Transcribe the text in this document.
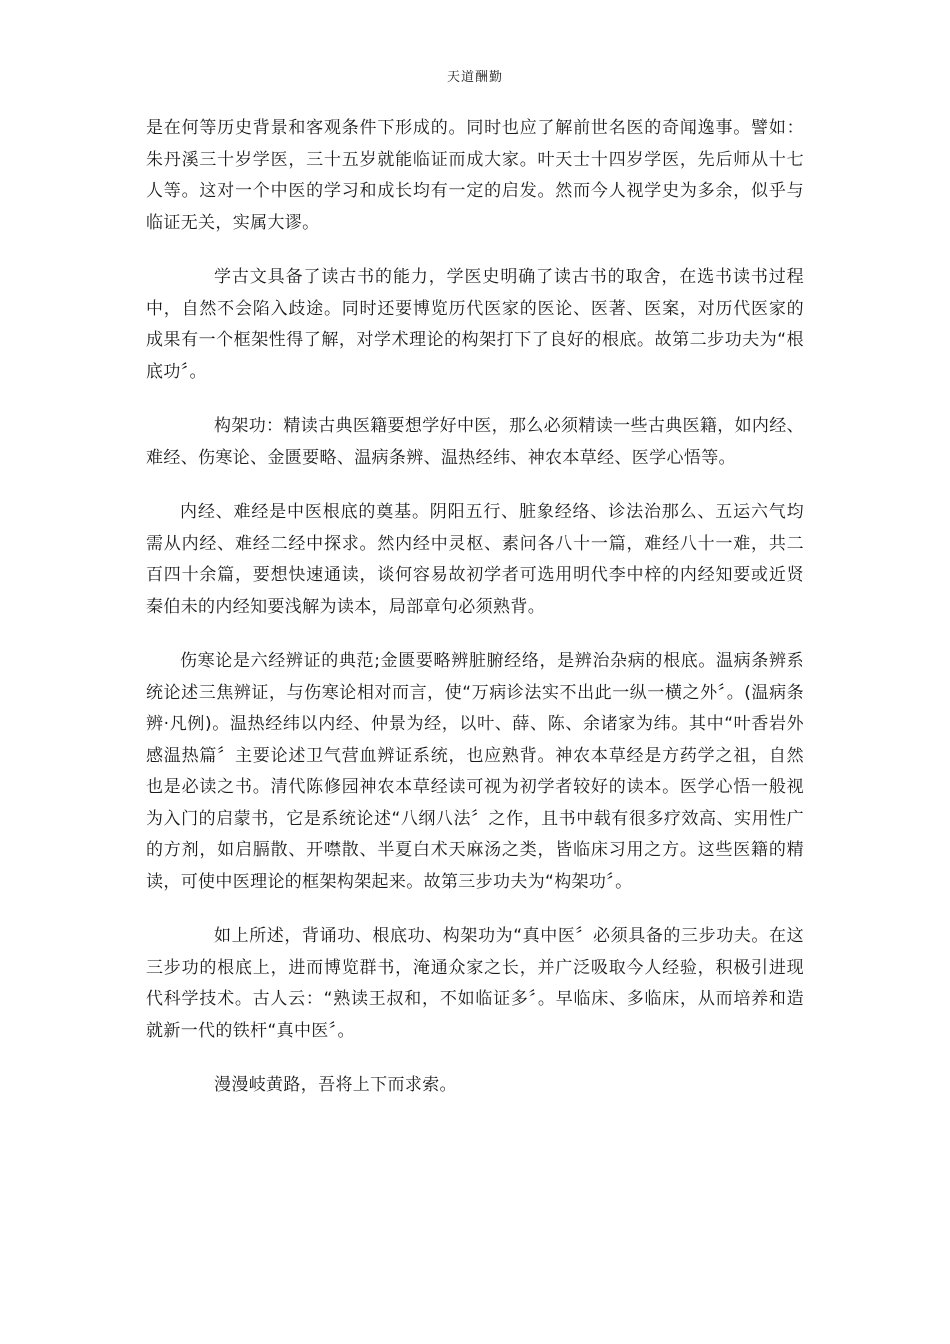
天道酬勤

是在何等历史背景和客观条件下形成的。同时也应了解前世名医的奇闻逸事。譬如：朱丹溪三十岁学医，三十五岁就能临证而成大家。叶天士十四岁学医，先后师从十七人等。这对一个中医的学习和成长均有一定的启发。然而今人视学史为多余，似乎与临证无关，实属大谬。

学古文具备了读古书的能力，学医史明确了读古书的取舍，在选书读书过程中，自然不会陷入歧途。同时还要博览历代医家的医论、医著、医案，对历代医家的成果有一个框架性得了解，对学术理论的构架打下了良好的根底。故第二步功夫为“根底功〞。

构架功：精读古典医籍要想学好中医，那么必须精读一些古典医籍，如内经、难经、伤寒论、金匮要略、温病条辨、温热经纬、神农本草经、医学心悟等。

内经、难经是中医根底的奠基。阴阳五行、脏象经络、诊法治那么、五运六气均需从内经、难经二经中探求。然内经中灵枢、素问各八十一篇，难经八十一难，共二百四十余篇，要想快速通读，谈何容易故初学者可选用明代李中梓的内经知要或近贤秦伯未的内经知要浅解为读本，局部章句必须熟背。

伤寒论是六经辨证的典范;金匮要略辨脏腑经络，是辨治杂病的根底。温病条辨系统论述三焦辨证，与伤寒论相对而言，使“万病诊法实不出此一纵一横之外〞。(温病条辨·凡例)。温热经纬以内经、仲景为经，以叶、薛、陈、余诸家为纬。其中“叶香岩外感温热篇〞主要论述卫气营血辨证系统，也应熟背。神农本草经是方药学之祖，自然也是必读之书。清代陈修园神农本草经读可视为初学者较好的读本。医学心悟一般视为入门的启蒙书，它是系统论述“八纲八法〞之作，且书中载有很多疗效高、实用性广的方剂，如启膈散、开噤散、半夏白术天麻汤之类，皆临床习用之方。这些医籍的精读，可使中医理论的框架构架起来。故第三步功夫为“构架功〞。

如上所述，背诵功、根底功、构架功为“真中医〞必须具备的三步功夫。在这三步功的根底上，进而博览群书，淹通众家之长，并广泛吸取今人经验，积极引进现代科学技术。古人云：“熟读王叔和，不如临证多〞。早临床、多临床，从而培养和造就新一代的铁杆“真中医〞。

漫漫岐黄路，吾将上下而求索。
